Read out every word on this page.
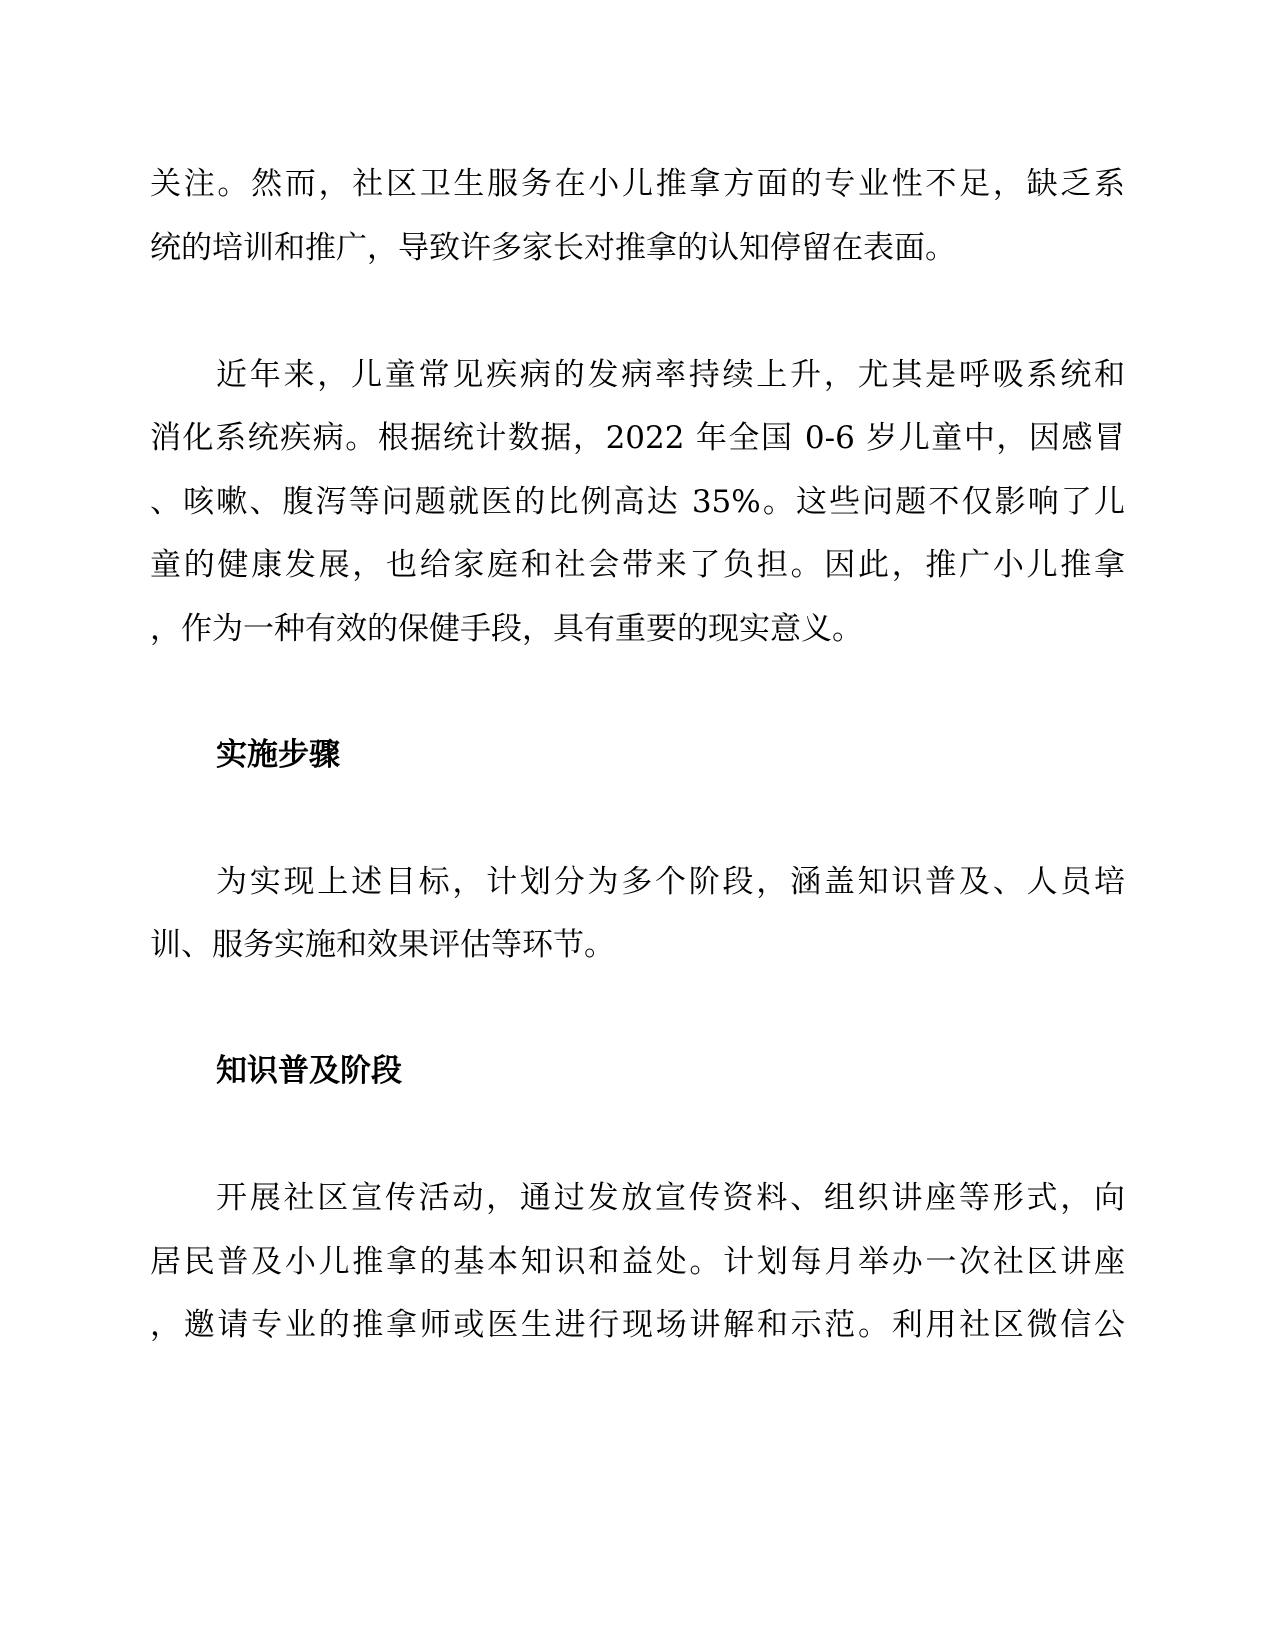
关注。然而，社区卫生服务在小儿推拿方面的专业性不足，缺乏系

统的培训和推广，导致许多家长对推拿的认知停留在表面。

近年来，儿童常见疾病的发病率持续上升，尤其是呼吸系统和

消化系统疾病。根据统计数据，2022 年全国 0-6 岁儿童中，因感冒

、咳嗽、腹泻等问题就医的比例高达 35%。这些问题不仅影响了儿

童的健康发展，也给家庭和社会带来了负担。因此，推广小儿推拿

，作为一种有效的保健手段，具有重要的现实意义。

实施步骤

为实现上述目标，计划分为多个阶段，涵盖知识普及、人员培

训、服务实施和效果评估等环节。

知识普及阶段

开展社区宣传活动，通过发放宣传资料、组织讲座等形式，向

居民普及小儿推拿的基本知识和益处。计划每月举办一次社区讲座

，邀请专业的推拿师或医生进行现场讲解和示范。利用社区微信公
